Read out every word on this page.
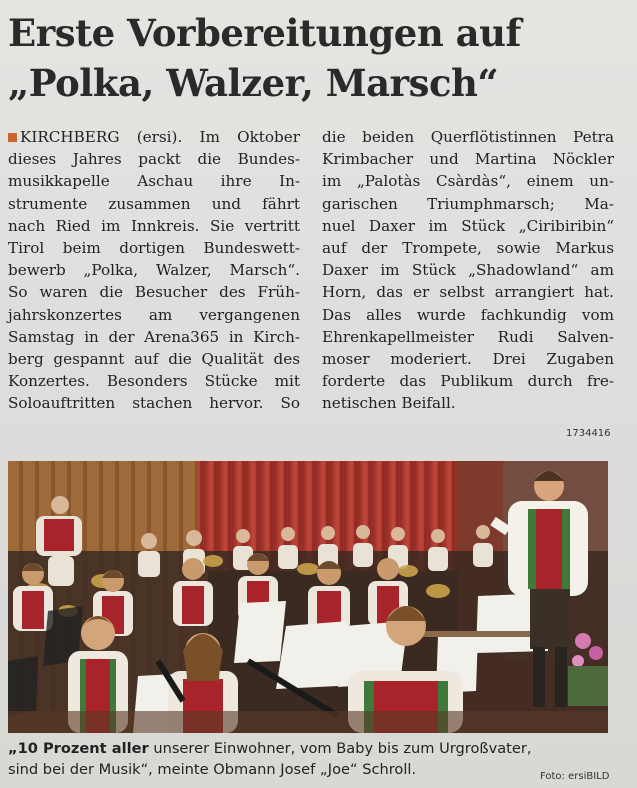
Erste Vorbereitungen auf
„Polka, Walzer, Marsch“
KIRCHBERG (ersi). Im Oktober
dieses Jahres packt die Bundes-
musikkapelle Aschau ihre In-
strumente zusammen und fährt
nach Ried im Innkreis. Sie vertritt
Tirol beim dortigen Bundeswett-
bewerb „Polka, Walzer, Marsch“.
So waren die Besucher des Früh-
jahrskonzertes am vergangenen
Samstag in der Arena365 in Kirch-
berg gespannt auf die Qualität des
Konzertes. Besonders Stücke mit
Soloauftritten stachen hervor. So
die beiden Querflötistinnen Petra
Krimbacher und Martina Nöckler
im „Palotàs Csàrdàs“, einem un-
garischen Triumphmarsch; Ma-
nuel Daxer im Stück „Ciribiribin“
auf der Trompete, sowie Markus
Daxer im Stück „Shadowland“ am
Horn, das er selbst arrangiert hat.
Das alles wurde fachkundig vom
Ehrenkapellmeister Rudi Salven-
moser moderiert. Drei Zugaben
forderte das Publikum durch fre-
netischen Beifall.
1734416
„10 Prozent aller unserer Einwohner, vom Baby bis zum Urgroßvater,
sind bei der Musik“, meinte Obmann Josef „Joe“ Schroll.	Foto: ersiBILD
